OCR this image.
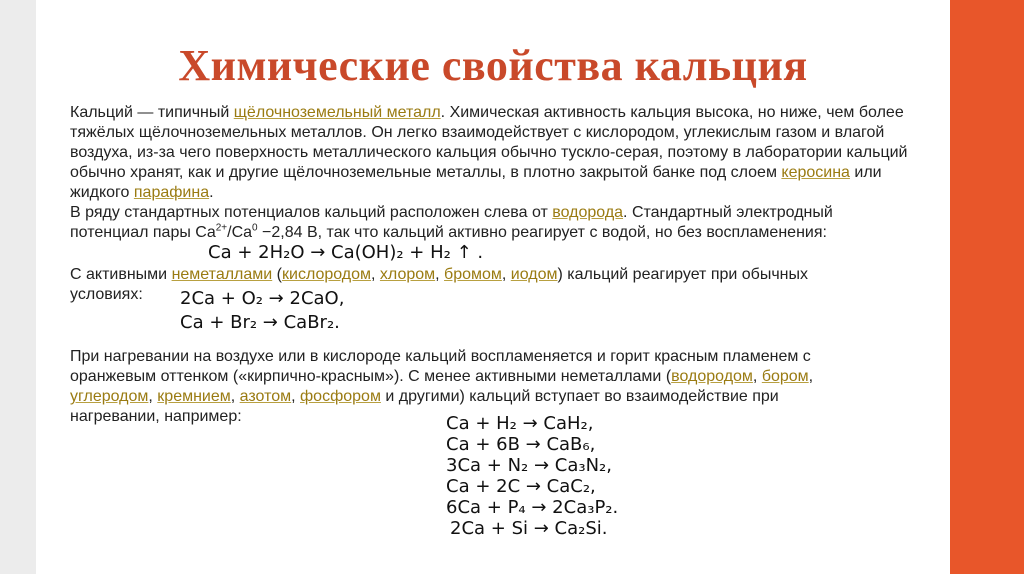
Химические свойства кальция

Кальций — типичный щёлочноземельный металл. Химическая активность кальция высока, но ниже, чем более тяжёлых щёлочноземельных металлов. Он легко взаимодействует с кислородом, углекислым газом и влагой воздуха, из-за чего поверхность металлического кальция обычно тускло-серая, поэтому в лаборатории кальций обычно хранят, как и другие щёлочноземельные металлы, в плотно закрытой банке под слоем керосина или жидкого парафина.

В ряду стандартных потенциалов кальций расположен слева от водорода. Стандартный электродный потенциал пары $Ca^{2+}/Ca^0 -2,84$ В, так что кальций активно реагирует с водой, но без воспламенения:

Ca + 2H₂O → Ca(OH)₂ + H₂ ↑ .

С активными неметаллами (кислородом, хлором, бромом, иодом) кальций реагирует при обычных условиях:	2Ca + O₂ → 2CaO,
Ca + Br₂ → CaBr₂.

При нагревании на воздухе или в кислороде кальций воспламеняется и горит красным пламенем с оранжевым оттенком («кирпично-красным»). С менее активными неметаллами (водородом, бором, углеродом, кремнием, азотом, фосфором и другими) кальций вступает во взаимодействие при нагревании, например:	Ca + H₂ → CaH₂,
Ca + 6B → CaB₆,
3Ca + N₂ → Ca₃N₂,
Ca + 2C → CaC₂,
6Ca + P₄ → 2Ca₃P₂.
2Ca + Si → Ca₂Si.
